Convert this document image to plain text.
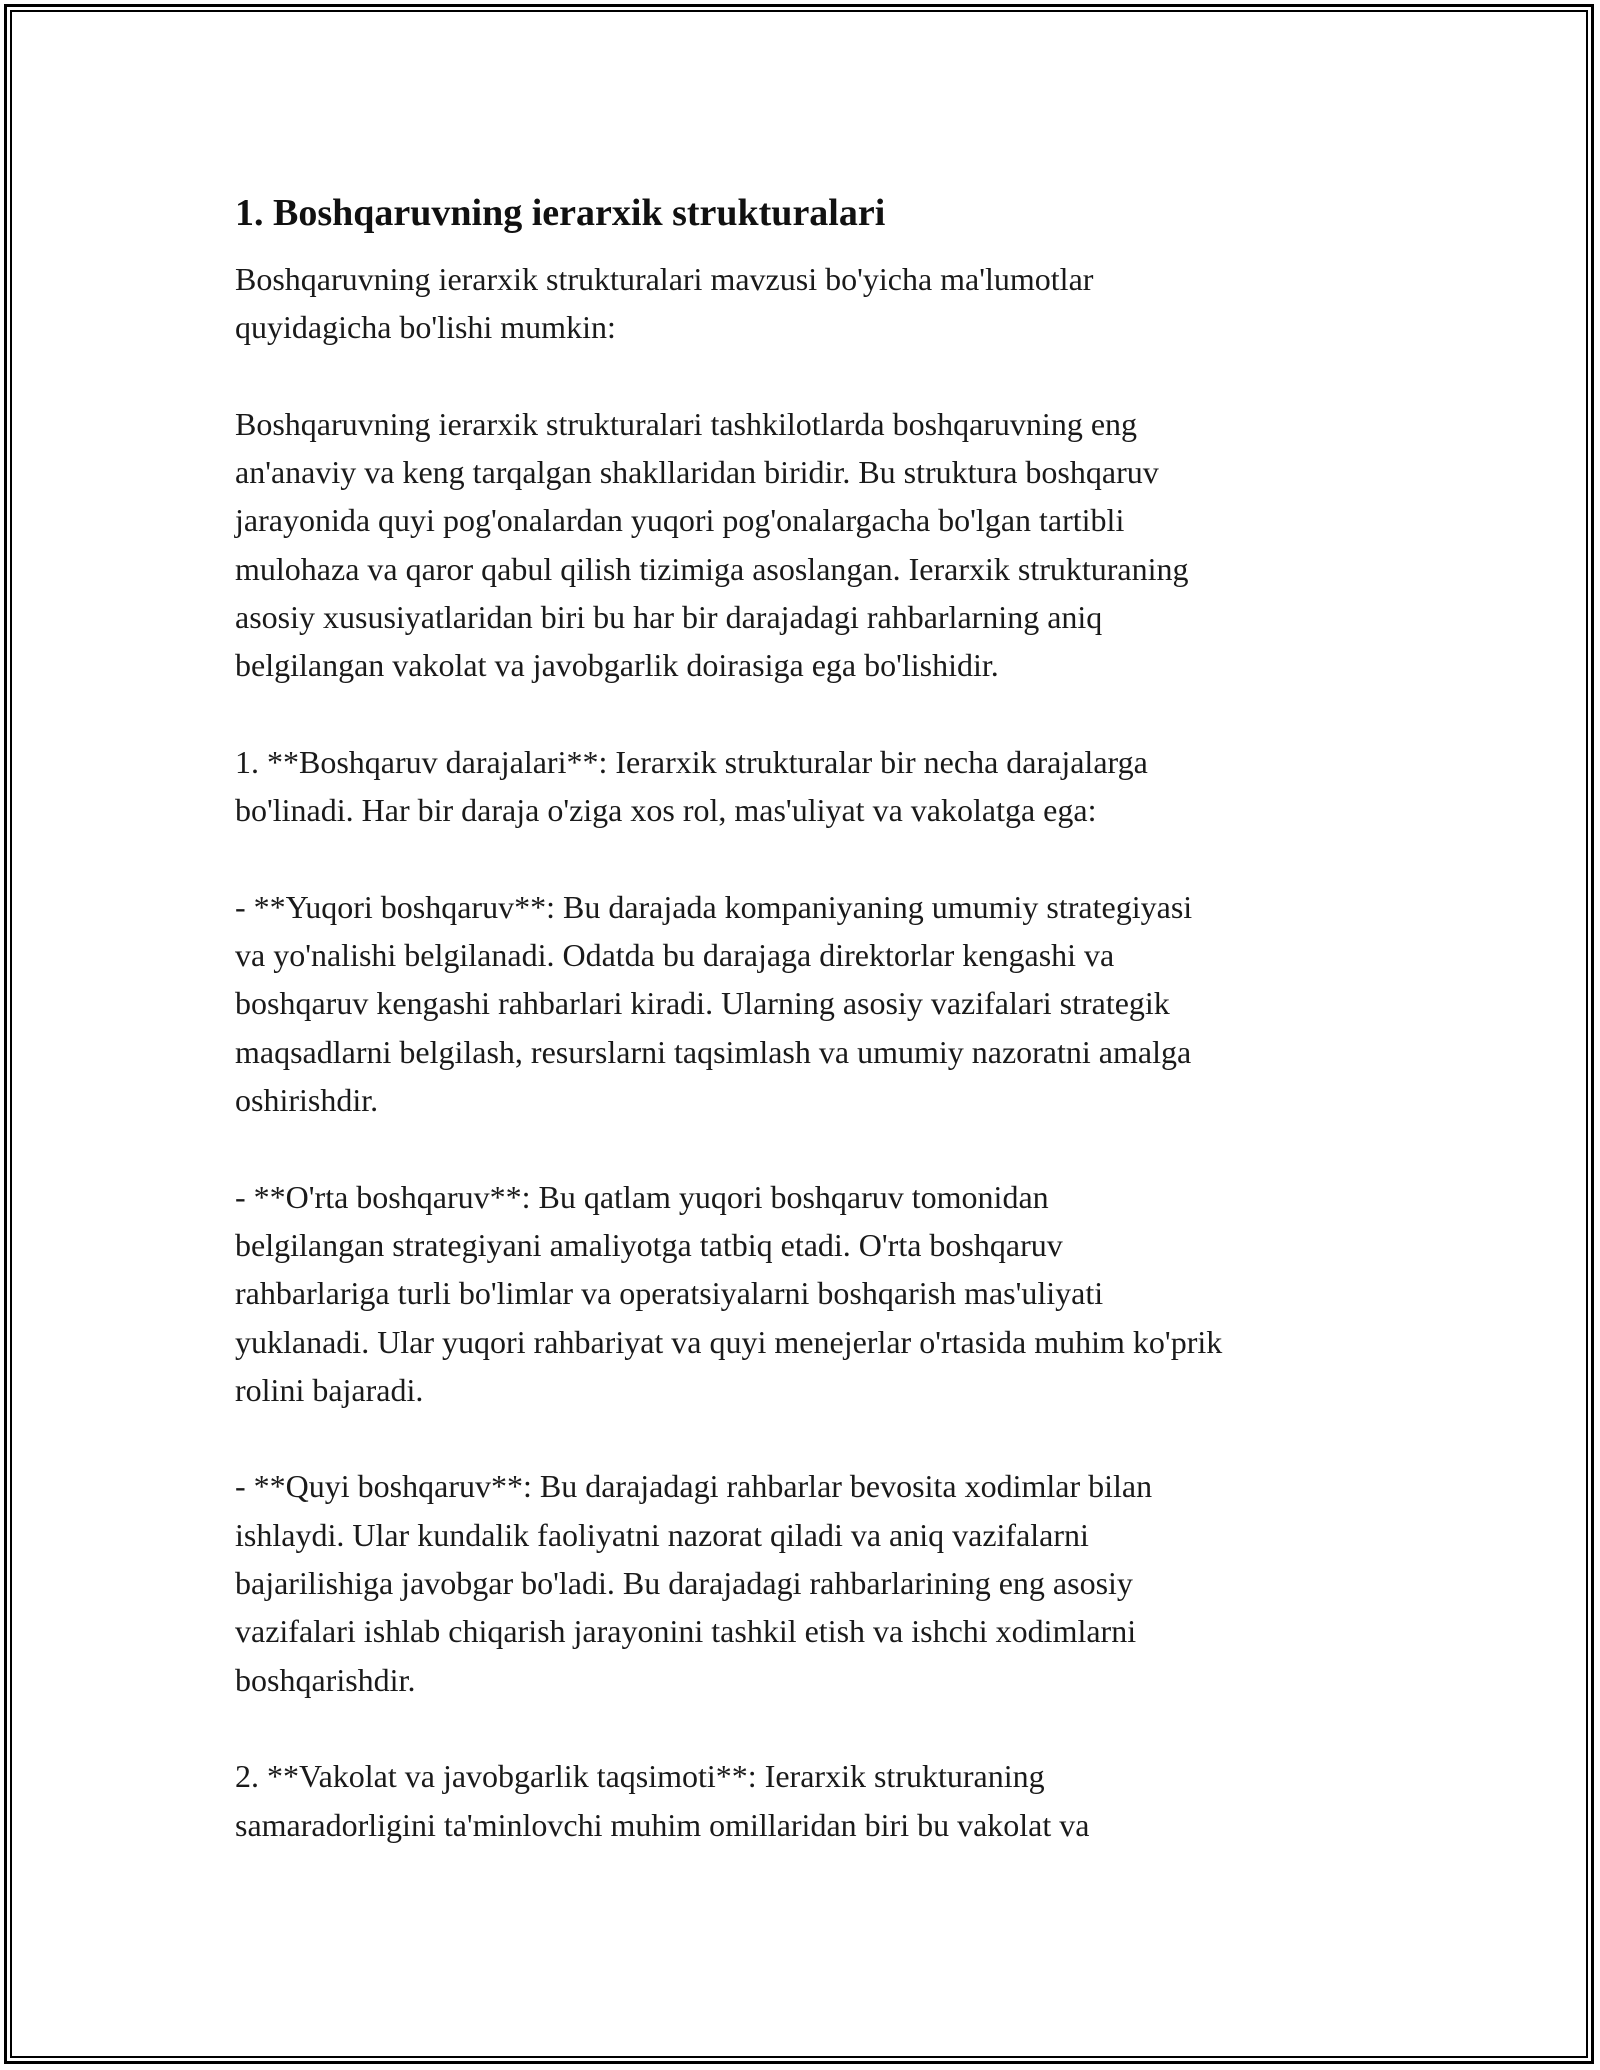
1. Boshqaruvning ierarxik strukturalari

Boshqaruvning ierarxik strukturalari mavzusi bo'yicha ma'lumotlar
quyidagicha bo'lishi mumkin:

Boshqaruvning ierarxik strukturalari tashkilotlarda boshqaruvning eng
an'anaviy va keng tarqalgan shakllaridan biridir. Bu struktura boshqaruv
jarayonida quyi pog'onalardan yuqori pog'onalargacha bo'lgan tartibli
mulohaza va qaror qabul qilish tizimiga asoslangan. Ierarxik strukturaning
asosiy xususiyatlaridan biri bu har bir darajadagi rahbarlarning aniq
belgilangan vakolat va javobgarlik doirasiga ega bo'lishidir.

1. **Boshqaruv darajalari**: Ierarxik strukturalar bir necha darajalarga
bo'linadi. Har bir daraja o'ziga xos rol, mas'uliyat va vakolatga ega:

- **Yuqori boshqaruv**: Bu darajada kompaniyaning umumiy strategiyasi
va yo'nalishi belgilanadi. Odatda bu darajaga direktorlar kengashi va
boshqaruv kengashi rahbarlari kiradi. Ularning asosiy vazifalari strategik
maqsadlarni belgilash, resurslarni taqsimlash va umumiy nazoratni amalga
oshirishdir.

- **O'rta boshqaruv**: Bu qatlam yuqori boshqaruv tomonidan
belgilangan strategiyani amaliyotga tatbiq etadi. O'rta boshqaruv
rahbarlariga turli bo'limlar va operatsiyalarni boshqarish mas'uliyati
yuklanadi. Ular yuqori rahbariyat va quyi menejerlar o'rtasida muhim ko'prik
rolini bajaradi.

- **Quyi boshqaruv**: Bu darajadagi rahbarlar bevosita xodimlar bilan
ishlaydi. Ular kundalik faoliyatni nazorat qiladi va aniq vazifalarni
bajarilishiga javobgar bo'ladi. Bu darajadagi rahbarlarining eng asosiy
vazifalari ishlab chiqarish jarayonini tashkil etish va ishchi xodimlarni
boshqarishdir.

2. **Vakolat va javobgarlik taqsimoti**: Ierarxik strukturaning
samaradorligini ta'minlovchi muhim omillaridan biri bu vakolat va
